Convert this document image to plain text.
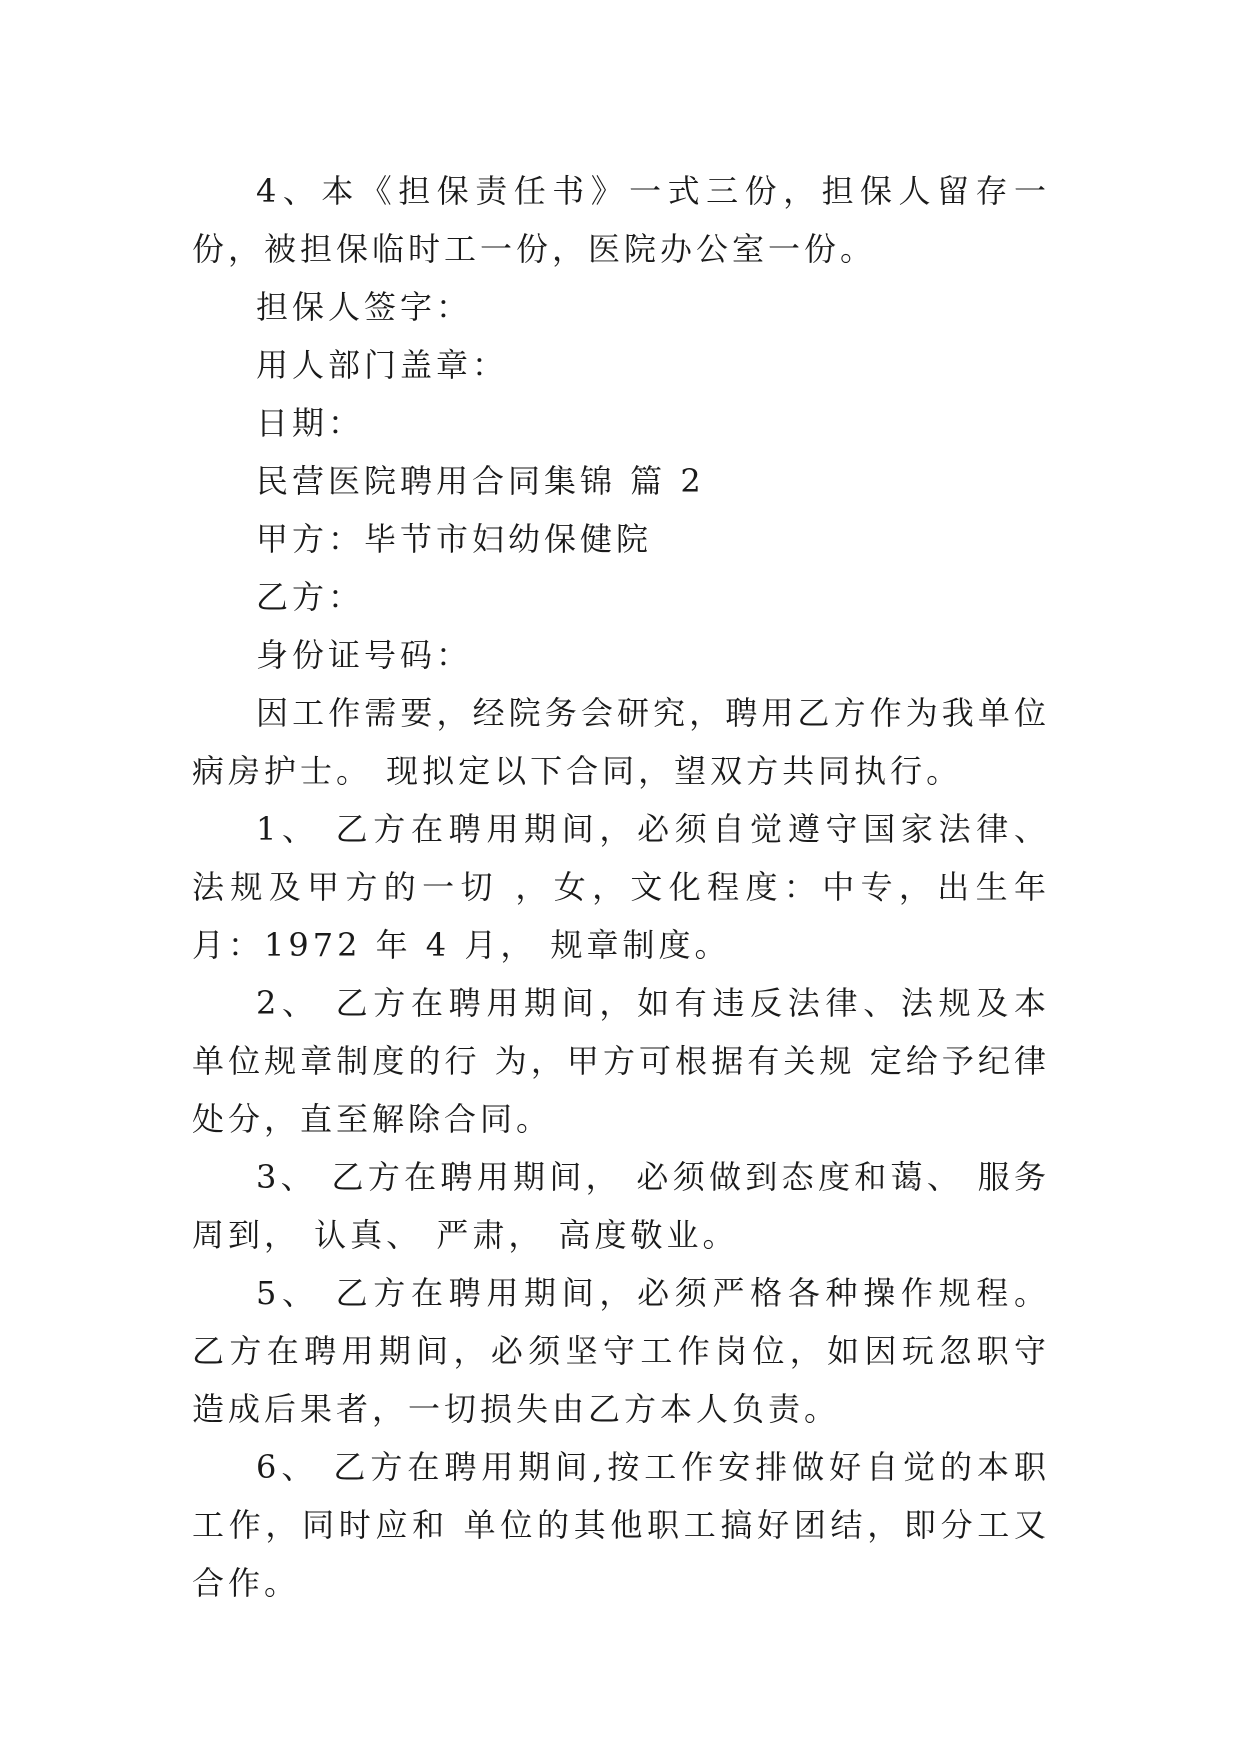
4、本《担保责任书》一式三份，担保人留存一份，被担保临时工一份，医院办公室一份。

担保人签字：

用人部门盖章：

日期：

民营医院聘用合同集锦 篇 2

甲方：毕节市妇幼保健院

乙方：

身份证号码：

因工作需要，经院务会研究，聘用乙方作为我单位病房护士。 现拟定以下合同，望双方共同执行。

1、 乙方在聘用期间，必须自觉遵守国家法律、法规及甲方的一切 ，女，文化程度：中专，出生年月：1972 年 4 月， 规章制度。

2、 乙方在聘用期间，如有违反法律、法规及本单位规章制度的行 为，甲方可根据有关规 定给予纪律处分，直至解除合同。

3、 乙方在聘用期间， 必须做到态度和蔼、 服务周到， 认真、 严肃， 高度敬业。

5、 乙方在聘用期间，必须严格各种操作规程。 乙方在聘用期间，必须坚守工作岗位，如因玩忽职守造成后果者，一切损失由乙方本人负责。

6、 乙方在聘用期间,按工作安排做好自觉的本职工作，同时应和 单位的其他职工搞好团结，即分工又合作。
